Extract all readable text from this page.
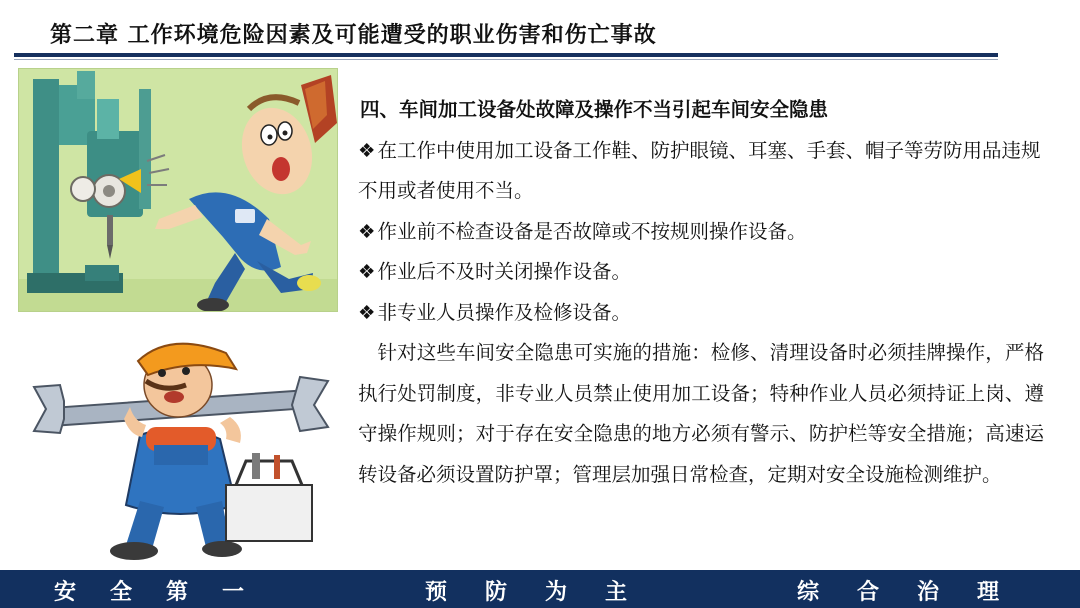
第二章 工作环境危险因素及可能遭受的职业伤害和伤亡事故
四、车间加工设备处故障及操作不当引起车间安全隐患
❖ 在工作中使用加工设备工作鞋、防护眼镜、耳塞、手套、帽子等劳防用品违规不用或者使用不当。
❖ 作业前不检查设备是否故障或不按规则操作设备。
❖ 作业后不及时关闭操作设备。
❖ 非专业人员操作及检修设备。
针对这些车间安全隐患可实施的措施：检修、清理设备时必须挂牌操作，严格执行处罚制度，非专业人员禁止使用加工设备；特种作业人员必须持证上岗、遵守操作规则；对于存在安全隐患的地方必须有警示、防护栏等安全措施；高速运转设备必须设置防护罩；管理层加强日常检查，定期对安全设施检测维护。
安全第一	预防为主	综合治理
